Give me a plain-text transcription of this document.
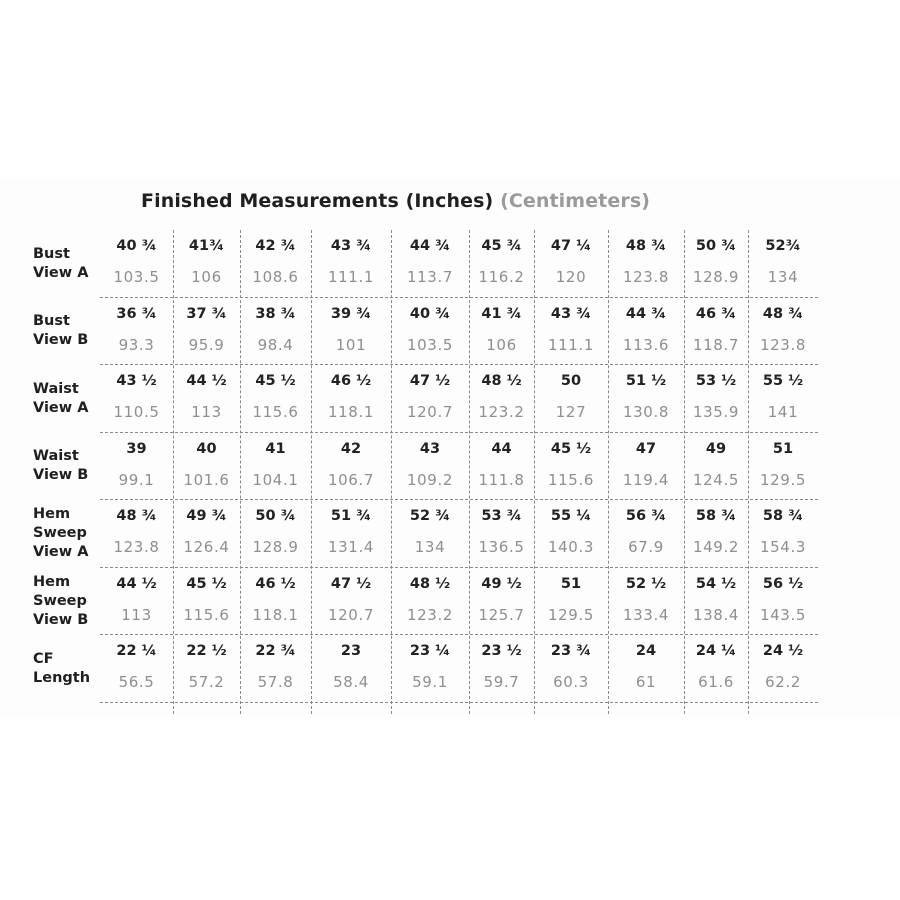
Finished Measurements (Inches) (Centimeters)
Bust
View A
40 ¾
103.5
41¾
106
42 ¾
108.6
43 ¾
111.1
44 ¾
113.7
45 ¾
116.2
47 ¼
120
48 ¾
123.8
50 ¾
128.9
52¾
134
Bust
View B
36 ¾
93.3
37 ¾
95.9
38 ¾
98.4
39 ¾
101
40 ¾
103.5
41 ¾
106
43 ¾
111.1
44 ¾
113.6
46 ¾
118.7
48 ¾
123.8
Waist
View A
43 ½
110.5
44 ½
113
45 ½
115.6
46 ½
118.1
47 ½
120.7
48 ½
123.2
50
127
51 ½
130.8
53 ½
135.9
55 ½
141
Waist
View B
39
99.1
40
101.6
41
104.1
42
106.7
43
109.2
44
111.8
45 ½
115.6
47
119.4
49
124.5
51
129.5
Hem
Sweep
View A
48 ¾
123.8
49 ¾
126.4
50 ¾
128.9
51 ¾
131.4
52 ¾
134
53 ¾
136.5
55 ¼
140.3
56 ¾
67.9
58 ¾
149.2
58 ¾
154.3
Hem
Sweep
View B
44 ½
113
45 ½
115.6
46 ½
118.1
47 ½
120.7
48 ½
123.2
49 ½
125.7
51
129.5
52 ½
133.4
54 ½
138.4
56 ½
143.5
CF
Length
22 ¼
56.5
22 ½
57.2
22 ¾
57.8
23
58.4
23 ¼
59.1
23 ½
59.7
23 ¾
60.3
24
61
24 ¼
61.6
24 ½
62.2
